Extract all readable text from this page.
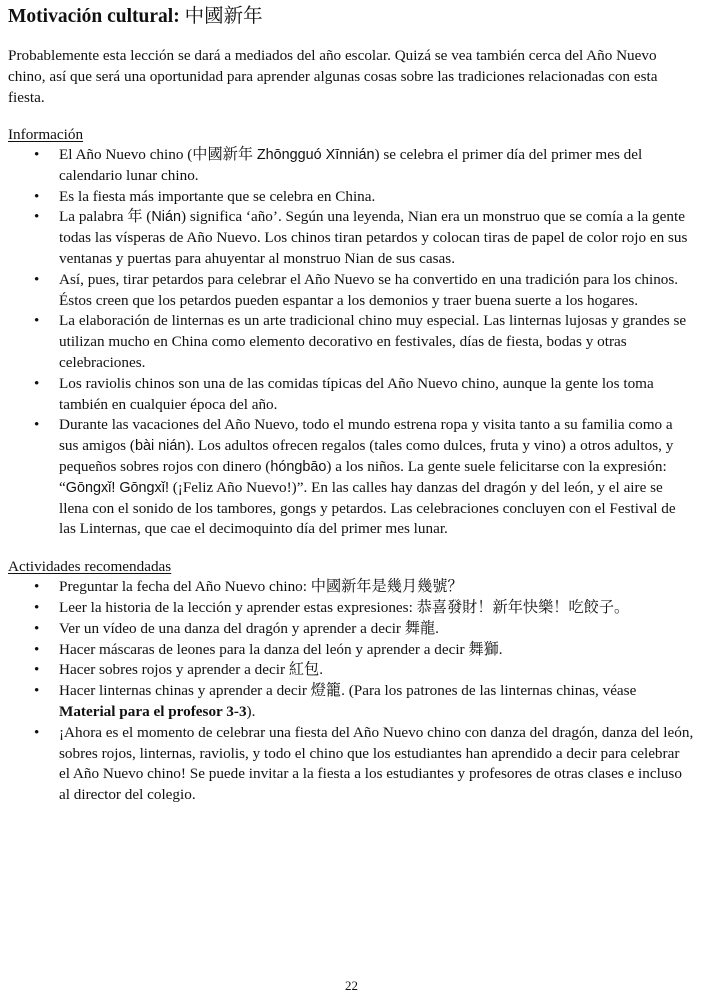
Motivación cultural: 中國新年

Probablemente esta lección se dará a mediados del año escolar. Quizá se vea también cerca del Año Nuevo chino, así que será una oportunidad para aprender algunas cosas sobre las tradiciones relacionadas con esta fiesta.

Información
• El Año Nuevo chino (中國新年 Zhōngguó Xīnnián) se celebra el primer día del primer mes del calendario lunar chino.
• Es la fiesta más importante que se celebra en China.
• La palabra 年 (Nián) significa ‘año’. Según una leyenda, Nian era un monstruo que se comía a la gente todas las vísperas de Año Nuevo. Los chinos tiran petardos y colocan tiras de papel de color rojo en sus ventanas y puertas para ahuyentar al monstruo Nian de sus casas.
• Así, pues, tirar petardos para celebrar el Año Nuevo se ha convertido en una tradición para los chinos. Éstos creen que los petardos pueden espantar a los demonios y traer buena suerte a los hogares.
• La elaboración de linternas es un arte tradicional chino muy especial. Las linternas lujosas y grandes se utilizan mucho en China como elemento decorativo en festivales, días de fiesta, bodas y otras celebraciones.
• Los raviolis chinos son una de las comidas típicas del Año Nuevo chino, aunque la gente los toma también en cualquier época del año.
• Durante las vacaciones del Año Nuevo, todo el mundo estrena ropa y visita tanto a su familia como a sus amigos (bài nián). Los adultos ofrecen regalos (tales como dulces, fruta y vino) a otros adultos, y pequeños sobres rojos con dinero (hóngbāo) a los niños. La gente suele felicitarse con la expresión: “Gōngxǐ! Gōngxǐ! (¡Feliz Año Nuevo!)”. En las calles hay danzas del dragón y del león, y el aire se llena con el sonido de los tambores, gongs y petardos. Las celebraciones concluyen con el Festival de las Linternas, que cae el decimoquinto día del primer mes lunar.
Actividades recomendadas
• Preguntar la fecha del Año Nuevo chino: 中國新年是幾月幾號？
• Leer la historia de la lección y aprender estas expresiones: 恭喜發財！新年快樂！吃餃子。
• Ver un vídeo de una danza del dragón y aprender a decir 舞龍.
• Hacer máscaras de leones para la danza del león y aprender a decir 舞獅.
• Hacer sobres rojos y aprender a decir 紅包.
• Hacer linternas chinas y aprender a decir 燈籠. (Para los patrones de las linternas chinas, véase Material para el profesor 3-3).
• ¡Ahora es el momento de celebrar una fiesta del Año Nuevo chino con danza del dragón, danza del león, sobres rojos, linternas, raviolis, y todo el chino que los estudiantes han aprendido a decir para celebrar el Año Nuevo chino! Se puede invitar a la fiesta a los estudiantes y profesores de otras clases e incluso al director del colegio.
22
